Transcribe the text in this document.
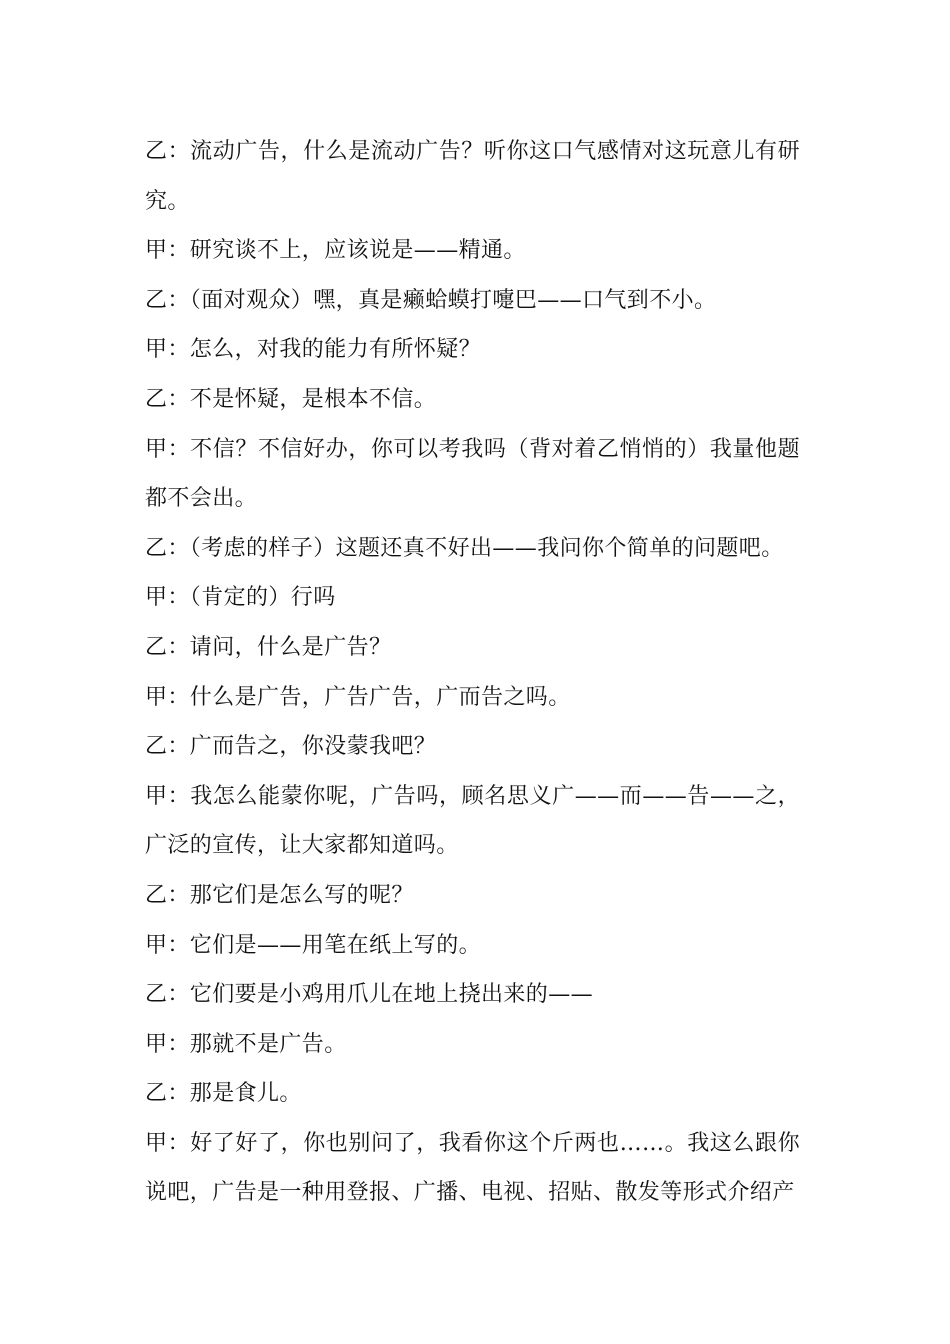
乙：流动广告，什么是流动广告？听你这口气感情对这玩意儿有研究。

甲：研究谈不上，应该说是——精通。

乙：（面对观众）嘿，真是癞蛤蟆打嚏巴——口气到不小。

甲：怎么，对我的能力有所怀疑？

乙：不是怀疑，是根本不信。

甲：不信？不信好办，你可以考我吗（背对着乙悄悄的）我量他题都不会出。

乙：（考虑的样子）这题还真不好出——我问你个简单的问题吧。

甲：（肯定的）行吗

乙：请问，什么是广告？

甲：什么是广告，广告广告，广而告之吗。

乙：广而告之，你没蒙我吧？

甲：我怎么能蒙你呢，广告吗，顾名思义广——而——告——之，广泛的宣传，让大家都知道吗。

乙：那它们是怎么写的呢？

甲：它们是——用笔在纸上写的。

乙：它们要是小鸡用爪儿在地上挠出来的——

甲：那就不是广告。

乙：那是食儿。

甲：好了好了，你也别问了，我看你这个斤两也……。我这么跟你说吧，广告是一种用登报、广播、电视、招贴、散发等形式介绍产
